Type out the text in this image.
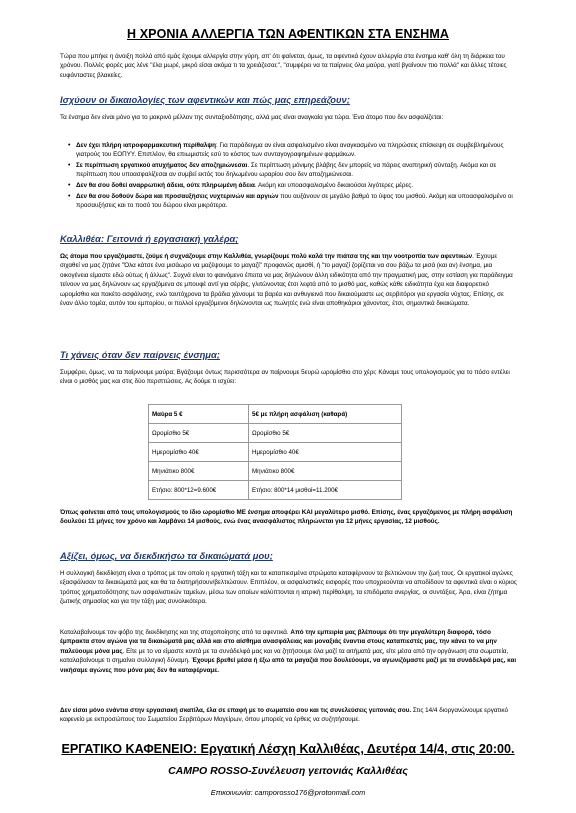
Η ΧΡΟΝΙΑ ΑΛΛΕΡΓΙΑ ΤΩΝ ΑΦΕΝΤΙΚΩΝ ΣΤΑ ΕΝΣΗΜΑ

Τώρα που μπήκε η άνοιξη πολλά από εμάς έχουμε αλλεργία στην γύρη, απ' ότι φαίνεται, όμως, τα αφεντικά έχουν αλλεργία στα ένσημα καθ' όλη τη διάρκεια του χρόνου. Πολλές φορές μας λένε "έλα μωρέ, μικρό είσαι ακόμα τι τα χρειάζεσαι;", "συμφέρει να τα παίρνεις όλα μαύρα, γιατί βγαίνουν πιο πολλά" και άλλες τέτοιες ευφάνταστες βλακείες.

Ισχύουν οι δικαιολογίες των αφεντικών και πώς μας επηρεάζουν;

Τα ένσημα δεν είναι μόνο για το μακρινό μέλλον της συνταξιοδότησης, αλλά μας είναι αναγκαία για τώρα. Ένα άτομο που δεν ασφαλίζεται:

• Δεν έχει πλήρη ιατροφαρμακευτική περίθαλψη: Για παράδειγμα αν είναι ασφαλισμένο είναι αναγκασμένο να πληρώσεις επίσκεψη σε συμβεβλημένους γιατρούς του ΕΟΠΥΥ. Επιπλέον, θα επιωμιστείς εσύ το κόστος των συνταγογραφημένων φαρμάκων.
• Σε περίπτωση εργατικού ατυχήματος δεν αποζημιώνεσαι. Σε περίπτωση μόνιμης βλάβης δεν μπορείς να πάρεις αναπηρική σύνταξη. Ακόμα και σε περίπτωση που υποασφαλίζεσαι αν συμβεί εκτός του δηλωμένου ωραρίου σου δεν αποζημιώνεσαι.
• Δεν θα σου δοθεί αναρρωτική άδεια, ούτε πληρωμένη άδεια. Ακόμη και υποασφαλισμένο δικαιούσαι λιγότερες μέρες.
• Δεν θα σου δοθούν δώρα και προσαυξήσεις νυχτερινών και αργιών που αυξάνουν σε μεγάλο βαθμό το ύψος του μισθού. Ακόμη και υποασφαλισμένο οι προσαυξήσεις και το ποσό του δώρου είναι μικρότερα.
Καλλιθέα: Γειτονιά ή εργασιακή γαλέρα;

Ως άτομα που εργαζόμαστε, ζούμε ή συχνάζουμε στην Καλλιθέα, γνωρίζουμε πολύ καλά την πιάτσα της και την νοοτροπία των αφεντικών. Έχουμε σιχαθεί να μας ζητάνε "Όλα κάτσε ένα μισάωρο να μαζέψουμε το μαγαζί" προφανώς αμισθί, ή "το μαγαζί ζορίζεται να σου βάζω τα μισά (και αν) ένσημα, μια οικογένεια είμαστε εδώ ούτως ή άλλως". Συχνά είναι το φαινόμενο έπειτα να μας δηλώνουν άλλη ειδικότητα από την πραγματική μας, στην εστίαση για παράδειγμα τείνουν να μας δηλώνουν ως εργαζόμενα σε μπουφέ αντί για σέρβις, γλιτώνοντας έτσι λεφτά από το μισθό μας, καθώς κάθε ειδικότητα έχει και διαφορετικό ωρομίσθιο και πακέτο ασφάλισης, ενώ ταυτόχρονα τα βράδια χάνουμε τα βαρέα και ανθυγιεινά που δικαιούμαστε ως σερβιτόροι για εργασία νύχτας. Επίσης, σε έναν άλλο τομέα, αυτόν του εμπορίου, οι πολλοί εργαζόμενοι δηλώνονται ως πωλητές ενώ είναι αποθηκάριοι χάνοντας, έτσι, σημαντικά δικαιώματα.

Τι χάνεις όταν δεν παίρνεις ένσημα;

Συμφέρει, όμως, να τα παίρνουμε μαύρα; Βγάζουμε όντως περισσότερα αν παίρνουμε 5ευρώ ωρομίσθιο στο χέρι; Κάναμε τους υπολογισμούς για το πόσο εντέλει είναι ο μισθός μας και στις δύο περιπτώσεις. Ας δούμε τι ισχύει:

Μαύρα 5 €	5€ με πλήρη ασφάλιση (καθαρά)
Ωρομίσθιο 5€	Ωρομίσθιο 5€
Ημερομίσθιο 40€	Ημερομίσθιο 40€
Μηνιάτικο 800€	Μηνιάτικο 800€
Ετήσιο: 800*12=9.600€	Ετήσιο: 800*14 μισθοί=11.200€

Όπως φαίνεται από τους υπολογισμούς το ίδιο ωρομίσθιο ΜΕ ένσημα αποφέρει ΚΑΙ μεγαλύτερο μισθό. Επίσης, ένας εργαζόμενος με πλήρη ασφάλιση δουλεύει 11 μήνες τον χρόνο και λαμβάνει 14 μισθούς, ενώ ένας ανασφάλιστος πληρώνεται για 12 μήνες εργασίας, 12 μισθούς.

Αξίζει, όμως, να διεκδικήσω τα δικαιώματά μου;

Η συλλογική διεκδίκηση είναι ο τρόπος με τον οποίο η εργατική τάξη και τα καταπιεσμένα στρώματα καταφέρνουν τα βελτιώνουν την ζωή τους. Οι εργατικοί αγώνες εξασφάλισαν τα δικαιώματά μας και θα τα διατηρήσουν/βελτιώσουν. Επιπλέον, οι ασφαλιστικές εισφορές που υποχρεούνται να αποδίδουν τα αφεντικά είναι ο κύριος τρόπος χρηματοδότησης των ασφαλιστικών ταμείων, μέσω των οποίων καλύπτονται η ιατρική περίθαλψη, τα επιδόματα ανεργίας, οι συντάξεις. Άρα, είναι ζήτημα ζωτικής σημασίας και για την τάξη μας συνολικότερα.

Καταλαβαίνουμε τον φόβο της διεκδίκησης και της στοχοποίησης από τα αφεντικά. Από την εμπειρία μας βλέπουμε ότι την μεγαλύτερη διαφορά, τόσο έμπρακτα στον αγώνα για τα δικαιώματά μας αλλά και στο αίσθημα ανασφάλειας και μοναξιάς έναντια στους καταπιεστές μας, την κάνει το να μην παλεύουμε μόνα μας. Είτε με το να είμαστε κοντά με τα συνάδελφά μας και να ζητήσουμε όλα μαζί τα αιτήματά μας, είτε μέσα από την οργάνωση στα σωματεία, καταλαβαίνουμε τι σημαίνει συλλογική δύναμη. Έχουμε βρεθεί μέσα ή έξω από τα μαγαζιά που δουλεύουμε, να αγωνιζόμαστε μαζί με τα συνάδελφά μας, και νικήσαμε αγώνες που μόνα μας δεν θα καταφέρναμε.

Δεν είσαι μόνο ενάντια στην εργασιακή σκατίλα, έλα σε επαφή με το σωματείο σου και τις συνελεύσεις γειτονιάς σου. Στις 14/4 διοργανώνουμε εργατικό καφενείο με εκπροσώπους του Σωματείου Σερβιτόρων Μαγείρων, όπου μπορείς να έρθεις να συζητήσουμε.

ΕΡΓΑΤΙΚΟ ΚΑΦΕΝΕΙΟ: Εργατική Λέσχη Καλλιθέας, Δευτέρα 14/4, στις 20:00.
CAMPO ROSSO-Συνέλευση γειτονιάς Καλλιθέας
Επικοινωνία: camporosso176@protonmail.com
